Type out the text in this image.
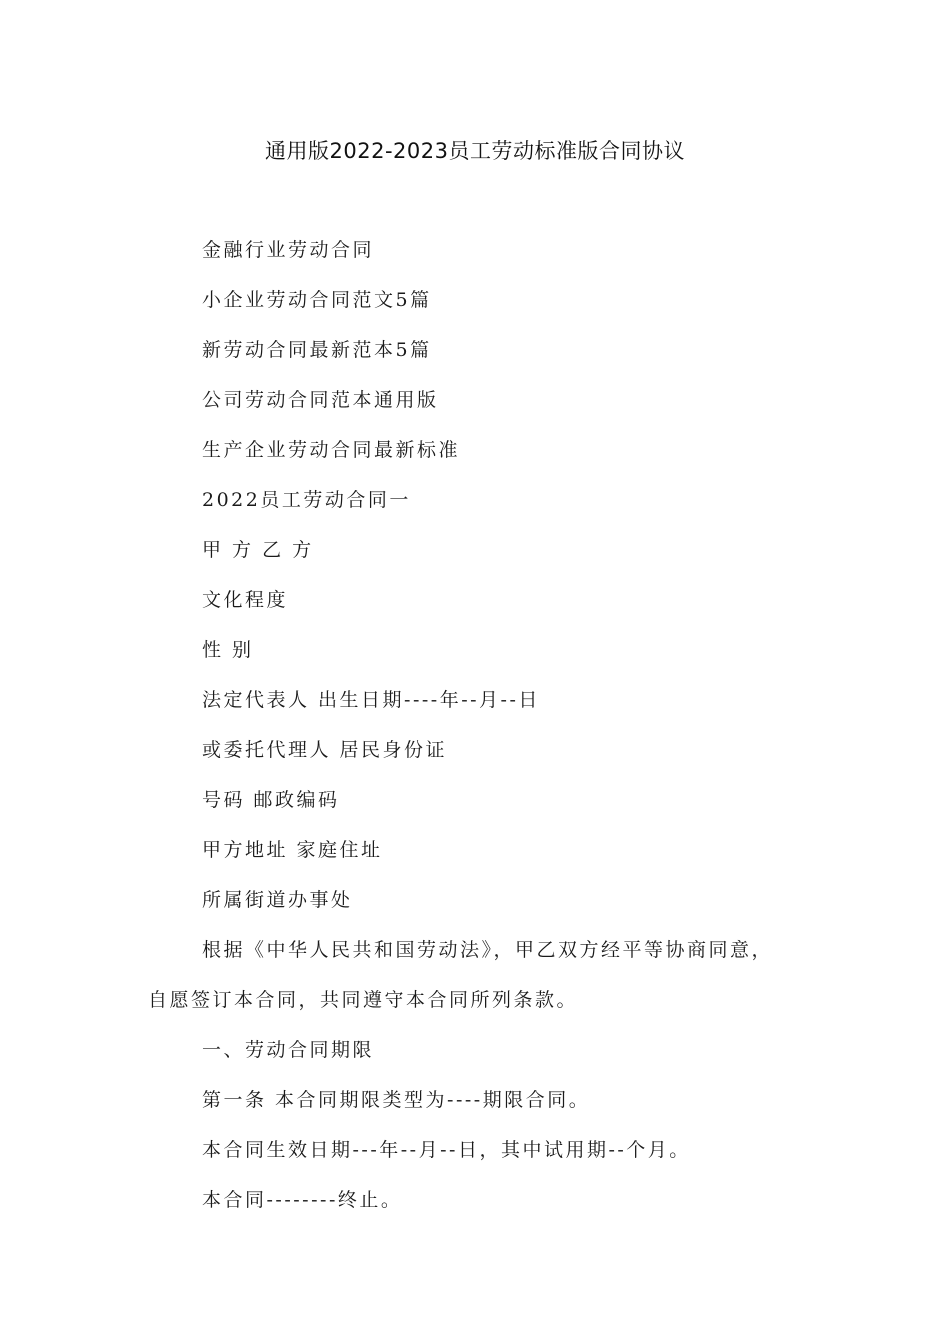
通用版2022-2023员工劳动标准版合同协议
金融行业劳动合同
小企业劳动合同范文5篇
新劳动合同最新范本5篇
公司劳动合同范本通用版
生产企业劳动合同最新标准
2022员工劳动合同一
甲 方 乙 方
文化程度
性 别
法定代表人 出生日期----年--月--日
或委托代理人 居民身份证
号码 邮政编码
甲方地址 家庭住址
所属街道办事处
根据《中华人民共和国劳动法》，甲乙双方经平等协商同意，
自愿签订本合同，共同遵守本合同所列条款。
一、劳动合同期限
第一条 本合同期限类型为----期限合同。
本合同生效日期---年--月--日，其中试用期--个月。
本合同--------终止。
